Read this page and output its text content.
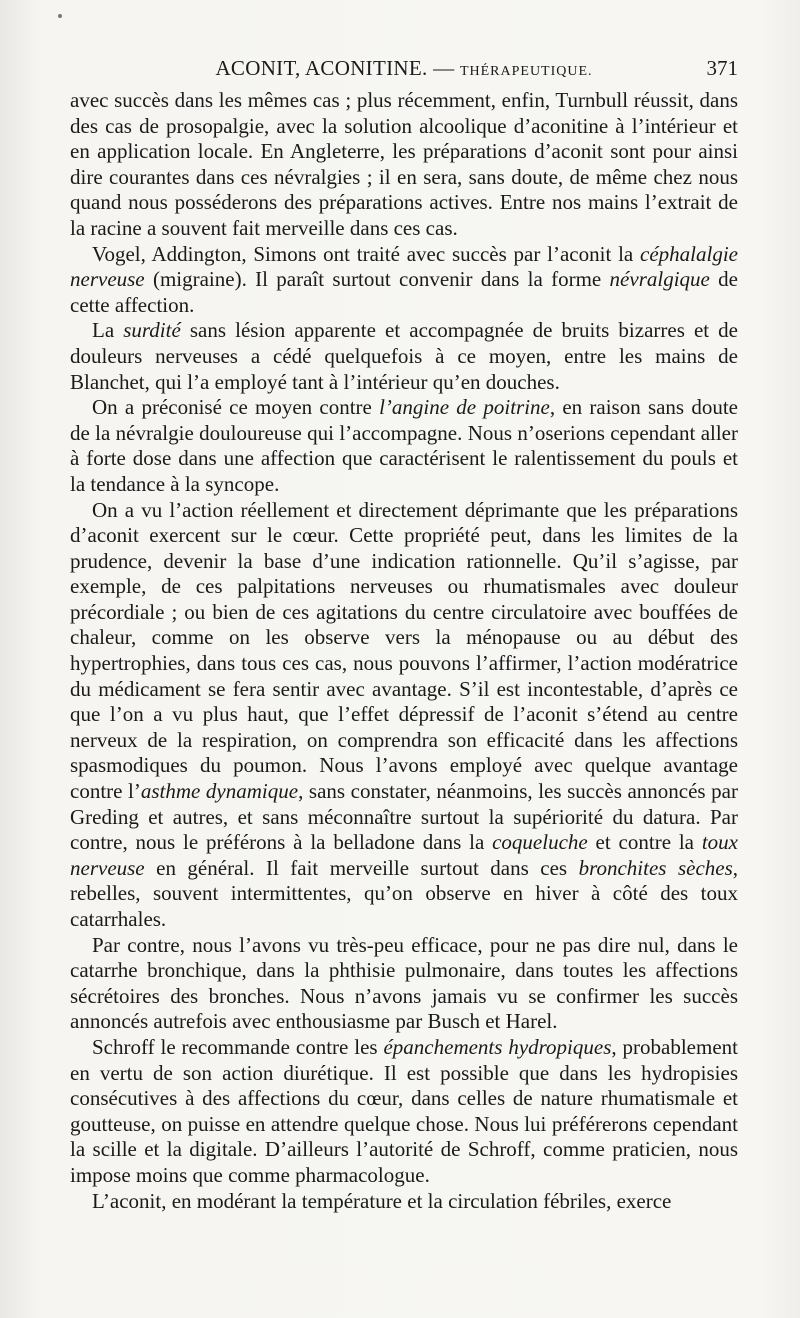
ACONIT, ACONITINE. — THÉRAPEUTIQUE.	371

avec succès dans les mêmes cas ; plus récemment, enfin, Turnbull réussit, dans des cas de prosopalgie, avec la solution alcoolique d’aconitine à l’intérieur et en application locale. En Angleterre, les préparations d’aconit sont pour ainsi dire courantes dans ces névralgies ; il en sera, sans doute, de même chez nous quand nous posséderons des préparations actives. Entre nos mains l’extrait de la racine a souvent fait merveille dans ces cas.

Vogel, Addington, Simons ont traité avec succès par l’aconit la céphalalgie nerveuse (migraine). Il paraît surtout convenir dans la forme névralgique de cette affection.

La surdité sans lésion apparente et accompagnée de bruits bizarres et de douleurs nerveuses a cédé quelquefois à ce moyen, entre les mains de Blanchet, qui l’a employé tant à l’intérieur qu’en douches.

On a préconisé ce moyen contre l’angine de poitrine, en raison sans doute de la névralgie douloureuse qui l’accompagne. Nous n’oserions cependant aller à forte dose dans une affection que caractérisent le ralentissement du pouls et la tendance à la syncope.

On a vu l’action réellement et directement déprimante que les préparations d’aconit exercent sur le cœur. Cette propriété peut, dans les limites de la prudence, devenir la base d’une indication rationnelle. Qu’il s’agisse, par exemple, de ces palpitations nerveuses ou rhumatismales avec douleur précordiale ; ou bien de ces agitations du centre circulatoire avec bouffées de chaleur, comme on les observe vers la ménopause ou au début des hypertrophies, dans tous ces cas, nous pouvons l’affirmer, l’action modératrice du médicament se fera sentir avec avantage. S’il est incontestable, d’après ce que l’on a vu plus haut, que l’effet dépressif de l’aconit s’étend au centre nerveux de la respiration, on comprendra son efficacité dans les affections spasmodiques du poumon. Nous l’avons employé avec quelque avantage contre l’asthme dynamique, sans constater, néanmoins, les succès annoncés par Greding et autres, et sans méconnaître surtout la supériorité du datura. Par contre, nous le préférons à la belladone dans la coqueluche et contre la toux nerveuse en général. Il fait merveille surtout dans ces bronchites sèches, rebelles, souvent intermittentes, qu’on observe en hiver à côté des toux catarrhales.

Par contre, nous l’avons vu très-peu efficace, pour ne pas dire nul, dans le catarrhe bronchique, dans la phthisie pulmonaire, dans toutes les affections sécrétoires des bronches. Nous n’avons jamais vu se confirmer les succès annoncés autrefois avec enthousiasme par Busch et Harel.

Schroff le recommande contre les épanchements hydropiques, probablement en vertu de son action diurétique. Il est possible que dans les hydropisies consécutives à des affections du cœur, dans celles de nature rhumatismale et goutteuse, on puisse en attendre quelque chose. Nous lui préférerons cependant la scille et la digitale. D’ailleurs l’autorité de Schroff, comme praticien, nous impose moins que comme pharmacologue.

L’aconit, en modérant la température et la circulation fébriles, exerce
